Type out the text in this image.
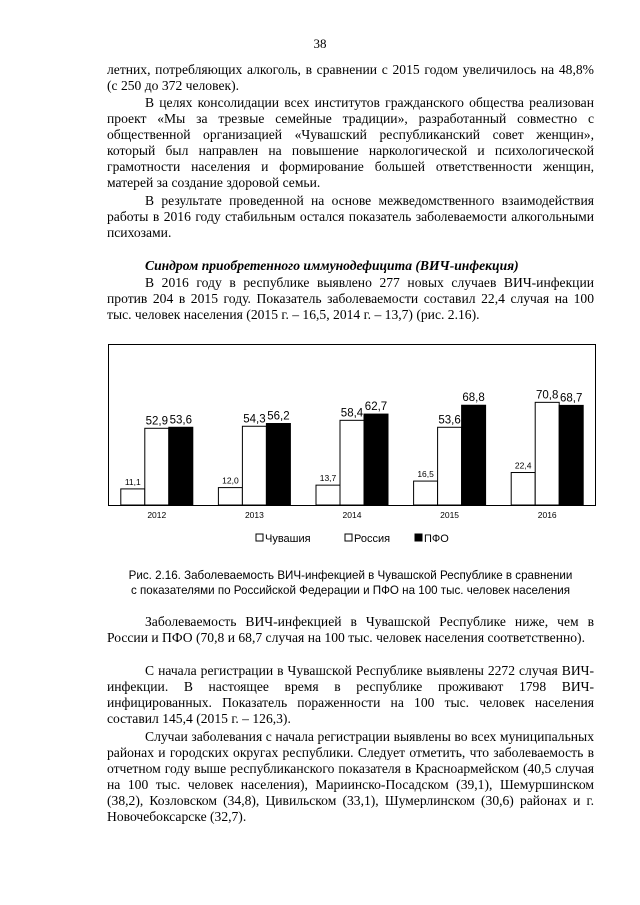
38

летних, потребляющих алкоголь, в сравнении с 2015 годом увеличилось на 48,8% (с 250 до 372 человек).

В целях консолидации всех институтов гражданского общества реализован проект «Мы за трезвые семейные традиции», разработанный совместно с общественной организацией «Чувашский республиканский совет женщин», который был направлен на повышение наркологической и психологической грамотности населения и формирование большей ответственности женщин, матерей за создание здоровой семьи.

В результате проведенной на основе межведомственного взаимодействия работы в 2016 году стабильным остался показатель заболеваемости алкогольными психозами.

Синдром приобретенного иммунодефицита (ВИЧ-инфекция)

В 2016 году в республике выявлено 277 новых случаев ВИЧ-инфекции против 204 в 2015 году. Показатель заболеваемости составил 22,4 случая на 100 тыс. человек населения (2015 г. – 16,5, 2014 г. – 13,7) (рис. 2.16).

11,1
52,9 53,6
2012
12,0
54,3 56,2
2013
13,7
58,4
62,7
2014
16,5
53,6
68,8
2015
22,4
70,8 68,7
2016
Чувашия	Россия	ПФО
Рис. 2.16. Заболеваемость ВИЧ-инфекцией в Чувашской Республике в сравнении
с показателями по Российской Федерации и ПФО на 100 тыс. человек населения

Заболеваемость ВИЧ-инфекцией в Чувашской Республике ниже, чем в России и ПФО (70,8 и 68,7 случая на 100 тыс. человек населения соответственно).

С начала регистрации в Чувашской Республике выявлены 2272 случая ВИЧ-инфекции. В настоящее время в республике проживают 1798 ВИЧ-инфицированных. Показатель пораженности на 100 тыс. человек населения составил 145,4 (2015 г. – 126,3).

Случаи заболевания с начала регистрации выявлены во всех муниципальных районах и городских округах республики. Следует отметить, что заболеваемость в отчетном году выше республиканского показателя в Красноармейском (40,5 случая на 100 тыс. человек населения), Мариинско-Посадском (39,1), Шемуршинском (38,2), Козловском (34,8), Цивильском (33,1), Шумерлинском (30,6) районах и г. Новочебоксарске (32,7).
